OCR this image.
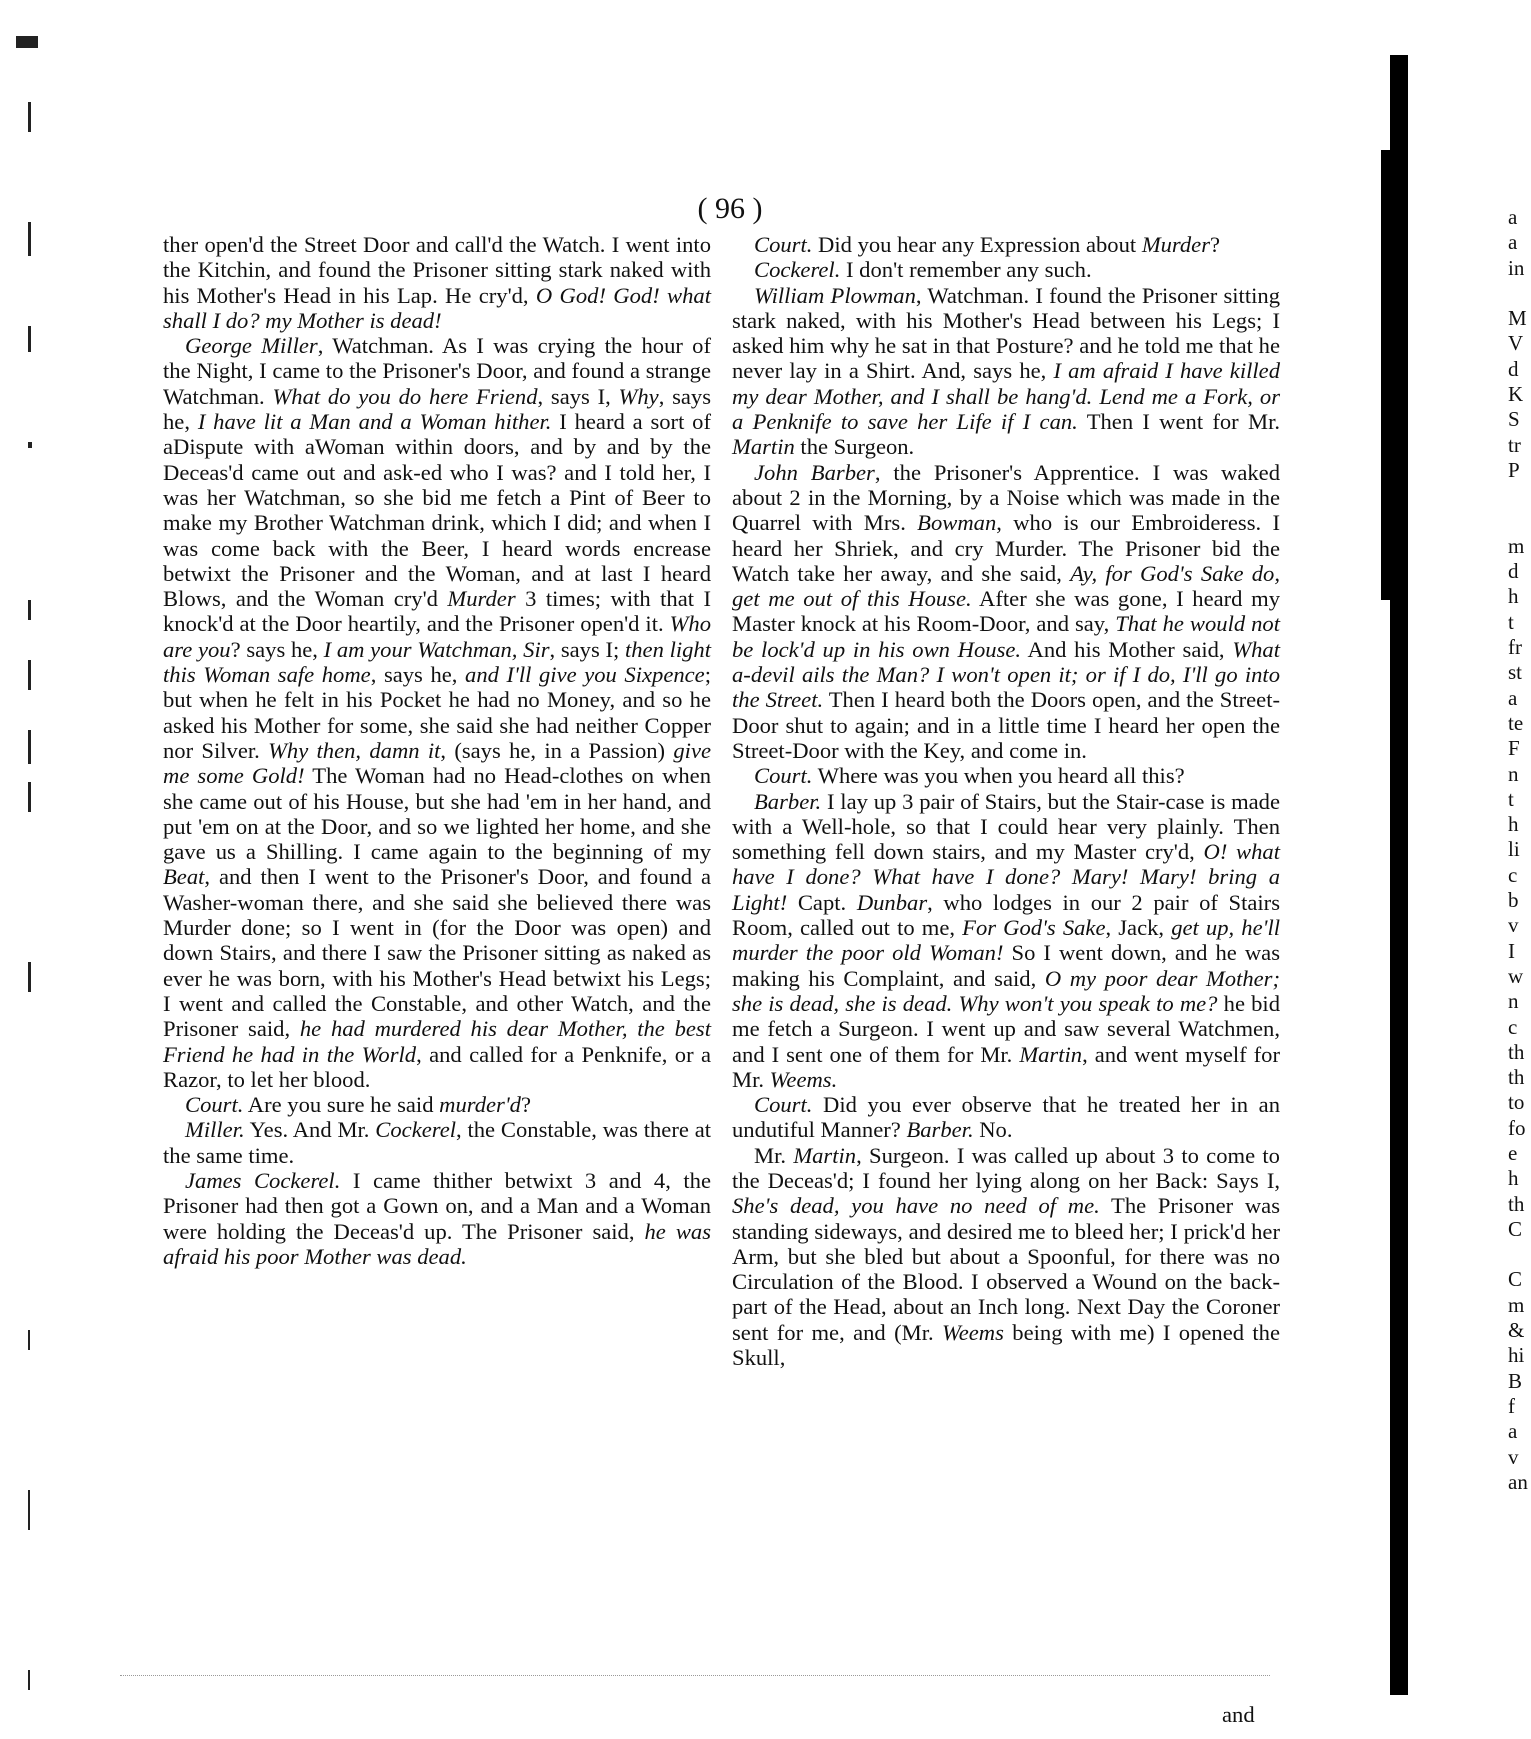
( 96 )

ther open'd the Street Door and call'd the Watch. I went into the Kitchin, and found the Prisoner sitting stark naked with his Mother's Head in his Lap. He cry'd, O God! God! what shall I do? my Mother is dead!

George Miller, Watchman. As I was crying the hour of the Night, I came to the Prisoner's Door, and found a strange Watchman. What do you do here Friend, says I, Why, says he, I have lit a Man and a Woman hither. I heard a sort of aDispute with aWoman within doors, and by and by the Deceas'd came out and ask-ed who I was? and I told her, I was her Watchman, so she bid me fetch a Pint of Beer to make my Brother Watchman drink, which I did; and when I was come back with the Beer, I heard words encrease betwixt the Prisoner and the Woman, and at last I heard Blows, and the Woman cry'd Murder 3 times; with that I knock'd at the Door heartily, and the Prisoner open'd it. Who are you? says he, I am your Watchman, Sir, says I; then light this Woman safe home, says he, and I'll give you Sixpence; but when he felt in his Pocket he had no Money, and so he asked his Mother for some, she said she had neither Copper nor Silver. Why then, damn it, (says he, in a Passion) give me some Gold! The Woman had no Head-clothes on when she came out of his House, but she had 'em in her hand, and put 'em on at the Door, and so we lighted her home, and she gave us a Shilling. I came again to the beginning of my Beat, and then I went to the Prisoner's Door, and found a Washer-woman there, and she said she believed there was Murder done; so I went in (for the Door was open) and down Stairs, and there I saw the Prisoner sitting as naked as ever he was born, with his Mother's Head betwixt his Legs; I went and called the Constable, and other Watch, and the Prisoner said, he had murdered his dear Mother, the best Friend he had in the World, and called for a Penknife, or a Razor, to let her blood.

Court. Are you sure he said murder'd?

Miller. Yes. And Mr. Cockerel, the Constable, was there at the same time.

James Cockerel. I came thither betwixt 3 and 4, the Prisoner had then got a Gown on, and a Man and a Woman were holding the Deceas'd up. The Prisoner said, he was afraid his poor Mother was dead.

Court. Did you hear any Expression about Murder?

Cockerel. I don't remember any such.

William Plowman, Watchman. I found the Prisoner sitting stark naked, with his Mother's Head between his Legs; I asked him why he sat in that Posture? and he told me that he never lay in a Shirt. And, says he, I am afraid I have killed my dear Mother, and I shall be hang'd. Lend me a Fork, or a Penknife to save her Life if I can. Then I went for Mr. Martin the Surgeon.

John Barber, the Prisoner's Apprentice. I was waked about 2 in the Morning, by a Noise which was made in the Quarrel with Mrs. Bowman, who is our Embroideress. I heard her Shriek, and cry Murder. The Prisoner bid the Watch take her away, and she said, Ay, for God's Sake do, get me out of this House. After she was gone, I heard my Master knock at his Room-Door, and say, That he would not be lock'd up in his own House. And his Mother said, What a-devil ails the Man? I won't open it; or if I do, I'll go into the Street. Then I heard both the Doors open, and the Street-Door shut to again; and in a little time I heard her open the Street-Door with the Key, and come in.

Court. Where was you when you heard all this?

Barber. I lay up 3 pair of Stairs, but the Stair-case is made with a Well-hole, so that I could hear very plainly. Then something fell down stairs, and my Master cry'd, O! what have I done? What have I done? Mary! Mary! bring a Light! Capt. Dunbar, who lodges in our 2 pair of Stairs Room, called out to me, For God's Sake, Jack, get up, he'll murder the poor old Woman! So I went down, and he was making his Complaint, and said, O my poor dear Mother; she is dead, she is dead. Why won't you speak to me? he bid me fetch a Surgeon. I went up and saw several Watchmen, and I sent one of them for Mr. Martin, and went myself for Mr. Weems.

Court. Did you ever observe that he treated her in an undutiful Manner? Barber. No.

Mr. Martin, Surgeon. I was called up about 3 to come to the Deceas'd; I found her lying along on her Back: Says I, She's dead, you have no need of me. The Prisoner was standing sideways, and desired me to bleed her; I prick'd her Arm, but she bled but about a Spoonful, for there was no Circulation of the Blood. I observed a Wound on the back-part of the Head, about an Inch long. Next Day the Coroner sent for me, and (Mr. Weems being with me) I opened the Skull,

and
a
a
in
M
V
d
K
S
tr
P
m
d
h
t
fr
st
a
te
F
n
t
h
li
c
b
v
I
w
n
c
th
th
to
fo
e
h
th
C
C
m
&
hi
B
f
a
v
an
